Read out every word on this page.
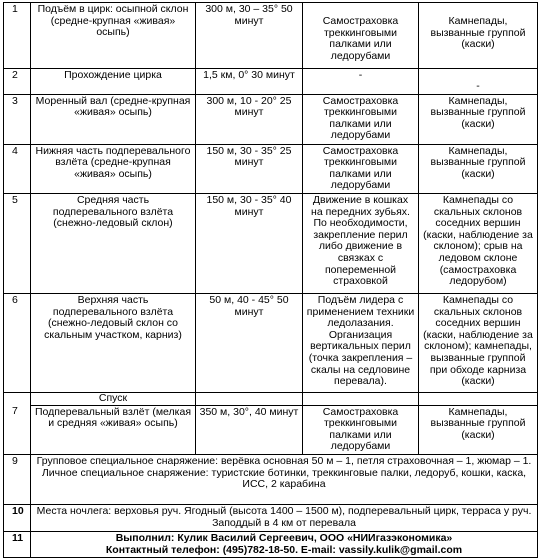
1	Подъём в цирк: осыпной склон (средне-крупная «живая» осыпь)	300 м, 30 – 35° 50 минут	Самостраховка треккинговыми палками или ледорубами	Камнепады, вызванные группой (каски)
2	Прохождение цирка	1,5 км, 0° 30 минут	-	-
3	Моренный вал (средне-крупная «живая» осыпь)	300 м, 10 - 20° 25 минут	Самостраховка треккинговыми палками или ледорубами	Камнепады, вызванные группой (каски)
4	Нижняя часть подперевального взлёта (средне-крупная «живая» осыпь)	150 м, 30 - 35° 25 минут	Самостраховка треккинговыми палками или ледорубами	Камнепады, вызванные группой (каски)
5	Средняя часть подперевального взлёта (снежно-ледовый склон)	150 м, 30 - 35° 40 минут	Движение в кошках на передних зубьях. По необходимости, закрепление перил либо движение в связках с попеременной страховкой	Камнепады со скальных склонов соседних вершин (каски, наблюдение за склоном); срыв на ледовом склоне (самостраховка ледорубом)
6	Верхняя часть подперевального взлёта (снежно-ледовый склон со скальным участком, карниз)	50 м, 40 - 45° 50 минут	Подъём лидера с применением техники ледолазания. Организация вертикальных перил (точка закрепления – скалы на седловине перевала).	Камнепады со скальных склонов соседних вершин (каски, наблюдение за склоном); камнепады, вызванные группой при обходе карниза (каски)
	Спуск			
7	Подперевальный взлёт (мелкая и средняя «живая» осыпь)	350 м, 30°, 40 минут	Самостраховка треккинговыми палками или ледорубами	Камнепады, вызванные группой (каски)
9	Групповое специальное снаряжение: верёвка основная 50 м – 1, петля страховочная – 1, жюмар – 1.
Личное специальное снаряжение: туристские ботинки, треккинговые палки, ледоруб, кошки, каска, ИСС, 2 карабина			

10	Места ночлега: верховья руч. Ягодный (высота 1400 – 1500 м), подперевальный цирк, терраса у руч. Заподдый в 4 км от перевала			
11	Выполнил: Кулик Василий Сергеевич, ООО «НИИгазэкономика»
Контактный телефон: (495)782-18-50. E-mail: vassily.kulik@gmail.com			
